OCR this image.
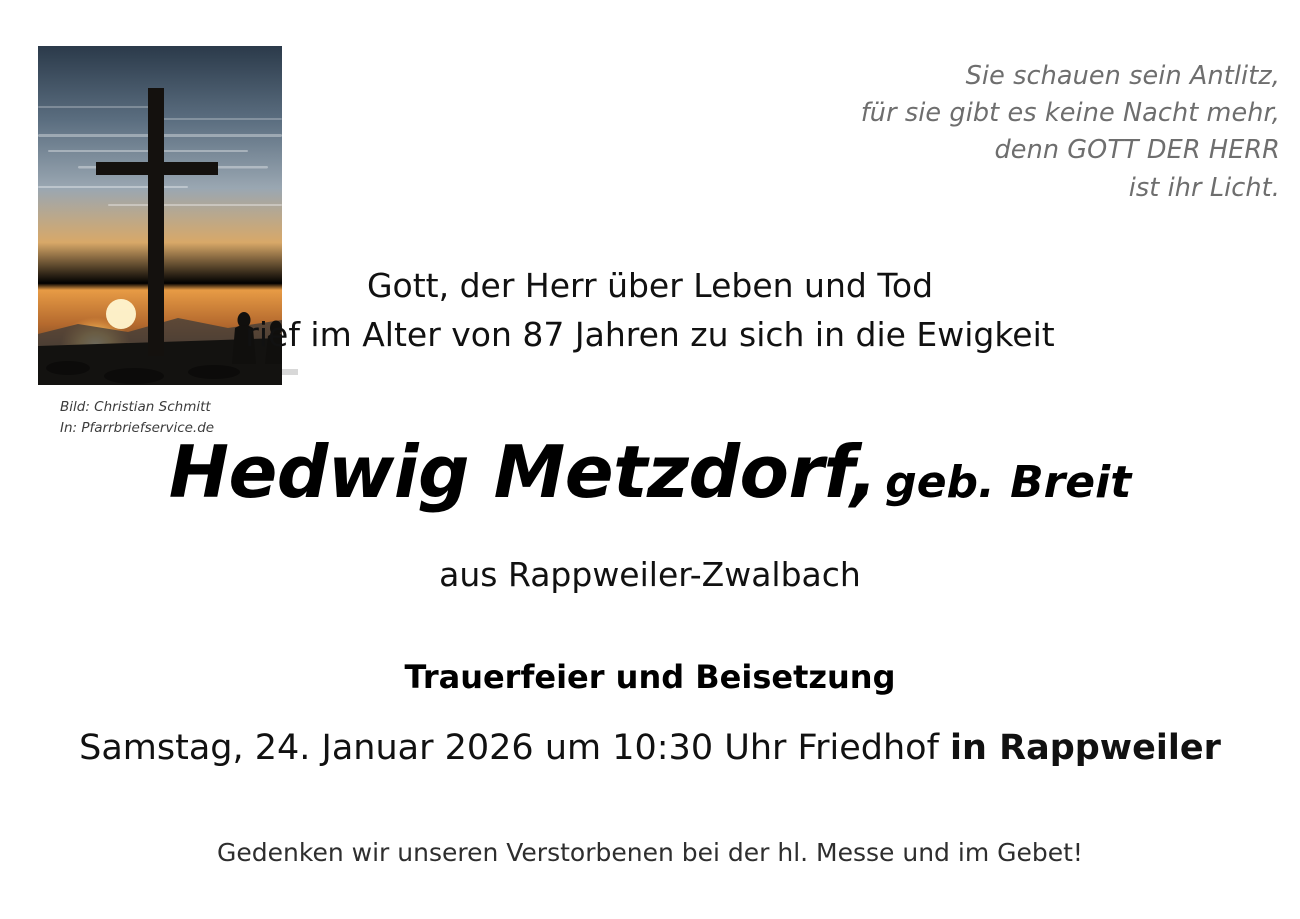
Bild: Christian Schmitt
In: Pfarrbriefservice.de
Sie schauen sein Antlitz,
für sie gibt es keine Nacht mehr,
denn GOTT DER HERR
ist ihr Licht.
Gott, der Herr über Leben und Tod
rief im Alter von 87 Jahren zu sich in die Ewigkeit
Hedwig Metzdorf, geb. Breit
aus Rappweiler-Zwalbach
Trauerfeier und Beisetzung
Samstag, 24. Januar 2026 um 10:30 Uhr Friedhof in Rappweiler
Gedenken wir unseren Verstorbenen bei der hl. Messe und im Gebet!
